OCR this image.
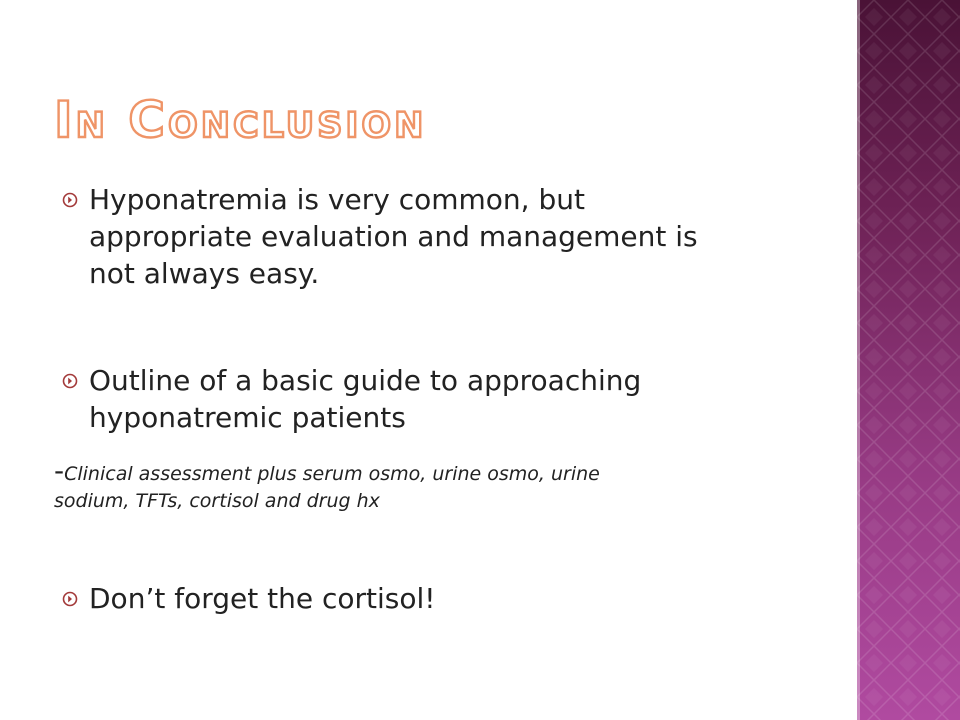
In Conclusion
Hyponatremia is very common, but appropriate evaluation and management is not always easy.
Outline of a basic guide to approaching hyponatremic patients
-Clinical assessment plus serum osmo, urine osmo, urine
sodium, TFTs, cortisol and drug hx
Don’t forget the cortisol!
